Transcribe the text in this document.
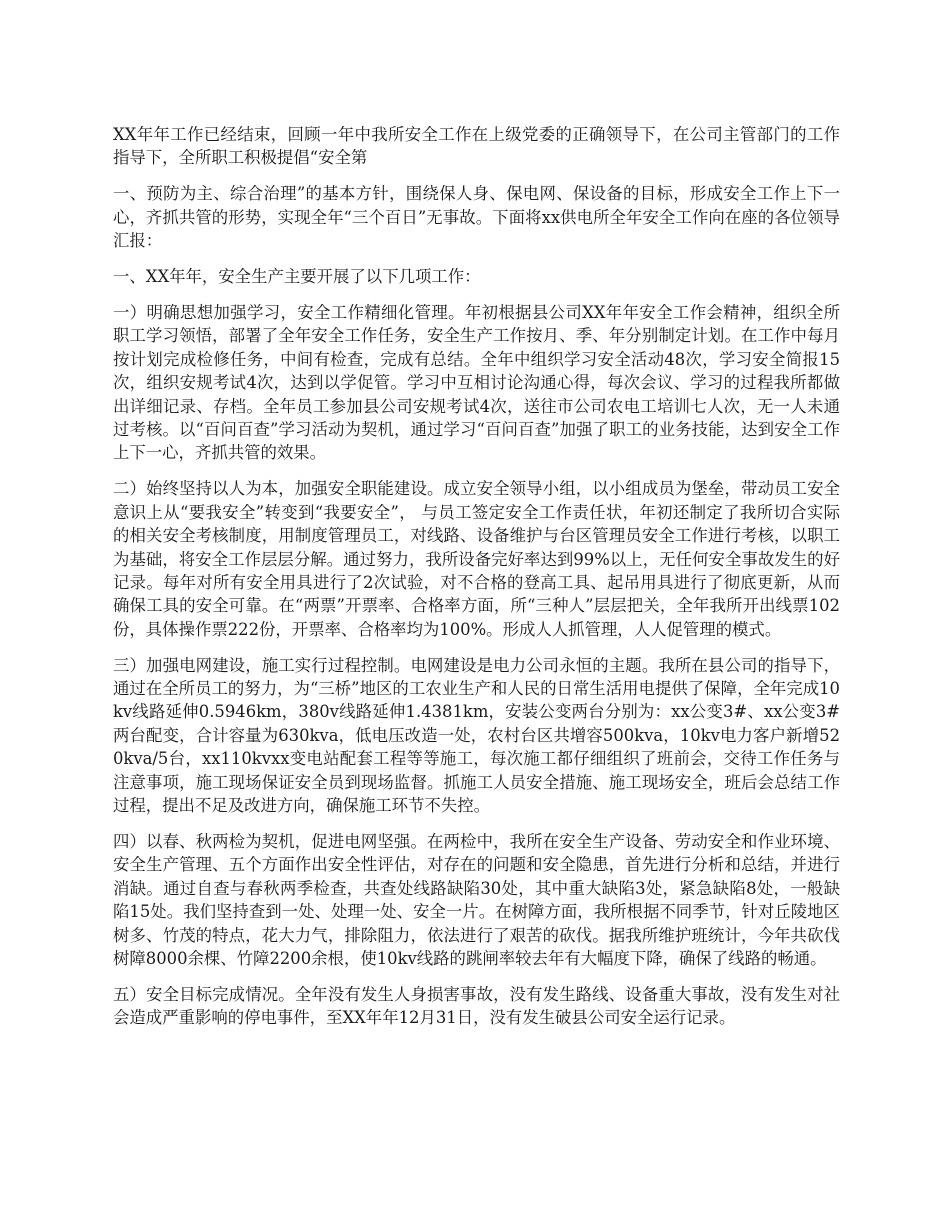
XX年年工作已经结束，回顾一年中我所安全工作在上级党委的正确领导下，在公司主管部门的工作指导下，全所职工积极提倡“安全第

一、预防为主、综合治理”的基本方针，围绕保人身、保电网、保设备的目标，形成安全工作上下一心，齐抓共管的形势，实现全年“三个百日”无事故。下面将xx供电所全年安全工作向在座的各位领导汇报：

一、XX年年，安全生产主要开展了以下几项工作：

一）明确思想加强学习，安全工作精细化管理。年初根据县公司XX年年安全工作会精神，组织全所职工学习领悟，部署了全年安全工作任务，安全生产工作按月、季、年分别制定计划。在工作中每月按计划完成检修任务，中间有检查，完成有总结。全年中组织学习安全活动48次，学习安全简报15次，组织安规考试4次，达到以学促管。学习中互相讨论沟通心得，每次会议、学习的过程我所都做出详细记录、存档。全年员工参加县公司安规考试4次，送往市公司农电工培训七人次，无一人未通过考核。以“百问百查”学习活动为契机，通过学习“百问百查”加强了职工的业务技能，达到安全工作上下一心，齐抓共管的效果。

二）始终坚持以人为本，加强安全职能建设。成立安全领导小组，以小组成员为堡垒，带动员工安全意识上从“要我安全”转变到“我要安全”， 与员工签定安全工作责任状，年初还制定了我所切合实际的相关安全考核制度，用制度管理员工，对线路、设备维护与台区管理员安全工作进行考核，以职工为基础，将安全工作层层分解。通过努力，我所设备完好率达到99%以上，无任何安全事故发生的好记录。每年对所有安全用具进行了2次试验，对不合格的登高工具、起吊用具进行了彻底更新，从而确保工具的安全可靠。在“两票”开票率、合格率方面，所“三种人”层层把关，全年我所开出线票102份，具体操作票222份，开票率、合格率均为100%。形成人人抓管理，人人促管理的模式。

三）加强电网建设，施工实行过程控制。电网建设是电力公司永恒的主题。我所在县公司的指导下，通过在全所员工的努力，为“三桥”地区的工农业生产和人民的日常生活用电提供了保障，全年完成10kv线路延伸0.5946km，380v线路延伸1.4381km，安装公变两台分别为：xx公变3#、xx公变3#两台配变，合计容量为630kva，低电压改造一处，农村台区共增容500kva，10kv电力客户新增520kva/5台，xx110kvxx变电站配套工程等等施工，每次施工都仔细组织了班前会，交待工作任务与注意事项，施工现场保证安全员到现场监督。抓施工人员安全措施、施工现场安全，班后会总结工作过程，提出不足及改进方向，确保施工环节不失控。

四）以春、秋两检为契机，促进电网坚强。在两检中，我所在安全生产设备、劳动安全和作业环境、安全生产管理、五个方面作出安全性评估，对存在的问题和安全隐患，首先进行分析和总结，并进行消缺。通过自查与春秋两季检查，共查处线路缺陷30处，其中重大缺陷3处，紧急缺陷8处，一般缺陷15处。我们坚持查到一处、处理一处、安全一片。在树障方面，我所根据不同季节，针对丘陵地区树多、竹茂的特点，花大力气，排除阻力，依法进行了艰苦的砍伐。据我所维护班统计，今年共砍伐树障8000余棵、竹障2200余根，使10kv线路的跳闸率较去年有大幅度下降，确保了线路的畅通。

五）安全目标完成情况。全年没有发生人身损害事故，没有发生路线、设备重大事故，没有发生对社会造成严重影响的停电事件，至XX年年12月31日，没有发生破县公司安全运行记录。
